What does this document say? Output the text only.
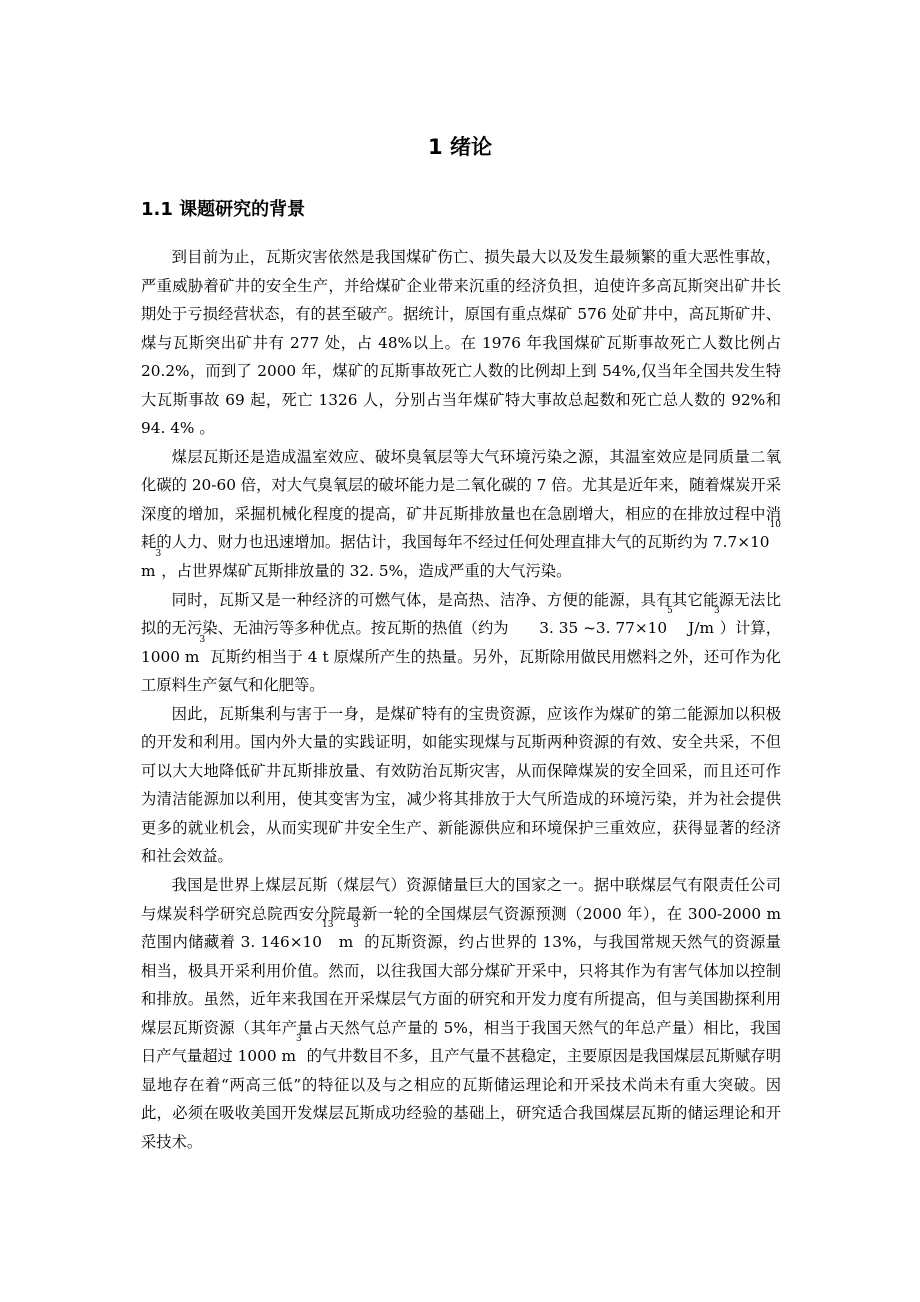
1 绪论
1.1 课题研究的背景

到目前为止，瓦斯灾害依然是我国煤矿伤亡、损失最大以及发生最频繁的重大恶性事故，严重威胁着矿井的安全生产，并给煤矿企业带来沉重的经济负担，迫使许多高瓦斯突出矿井长期处于亏损经营状态，有的甚至破产。据统计，原国有重点煤矿 576 处矿井中，高瓦斯矿井、煤与瓦斯突出矿井有 277 处，占 48%以上。在 1976 年我国煤矿瓦斯事故死亡人数比例占 20.2%，而到了 2000 年，煤矿的瓦斯事故死亡人数的比例却上到 54%,仅当年全国共发生特大瓦斯事故 69 起，死亡 1326 人，分别占当年煤矿特大事故总起数和死亡总人数的 92%和 94. 4% 。

煤层瓦斯还是造成温室效应、破坏臭氧层等大气环境污染之源，其温室效应是同质量二氧化碳的 20-60 倍，对大气臭氧层的破坏能力是二氧化碳的 7 倍。尤其是近年来，随着煤炭开采深度的增加，采掘机械化程度的提高，矿井瓦斯排放量也在急剧增大，相应的在排放过程中消耗的人力、财力也迅速增加。据估计，我国每年不经过任何处理直排大气的瓦斯约为 $7.7\times 10^{10}$ $m^3$，占世界煤矿瓦斯排放量的 32. 5%，造成严重的大气污染。

同时，瓦斯又是一种经济的可燃气体，是高热、洁净、方便的能源，具有其它能源无法比拟的无污染、无油污等多种优点。按瓦斯的热值（约为　　3. 35 ~3. $77\times 10^5$　$J/m^3$）计算，1000 $m^3$ 瓦斯约相当于 4 t 原煤所产生的热量。另外，瓦斯除用做民用燃料之外，还可作为化工原料生产氨气和化肥等。

因此，瓦斯集利与害于一身，是煤矿特有的宝贵资源，应该作为煤矿的第二能源加以积极的开发和利用。国内外大量的实践证明，如能实现煤与瓦斯两种资源的有效、安全共采，不但可以大大地降低矿井瓦斯排放量、有效防治瓦斯灾害，从而保障煤炭的安全回采，而且还可作为清洁能源加以利用，使其变害为宝，减少将其排放于大气所造成的环境污染，并为社会提供更多的就业机会，从而实现矿井安全生产、新能源供应和环境保护三重效应，获得显著的经济和社会效益。

我国是世界上煤层瓦斯（煤层气）资源储量巨大的国家之一。据中联煤层气有限责任公司与煤炭科学研究总院西安分院最新一轮的全国煤层气资源预测（2000 年），在 300-2000 m 范围内储藏着 3. $146\times 10^{13}$ $m^3$ 的瓦斯资源，约占世界的 13%，与我国常规天然气的资源量相当，极具开采利用价值。然而，以往我国大部分煤矿开采中，只将其作为有害气体加以控制和排放。虽然，近年来我国在开采煤层气方面的研究和开发力度有所提高，但与美国勘探利用煤层瓦斯资源（其年产量占天然气总产量的 5%，相当于我国天然气的年总产量）相比，我国日产气量超过 1000 $m^3$ 的气井数目不多，且产气量不甚稳定，主要原因是我国煤层瓦斯赋存明显地存在着“两高三低”的特征以及与之相应的瓦斯储运理论和开采技术尚未有重大突破。因此，必须在吸收美国开发煤层瓦斯成功经验的基础上，研究适合我国煤层瓦斯的储运理论和开采技术。
